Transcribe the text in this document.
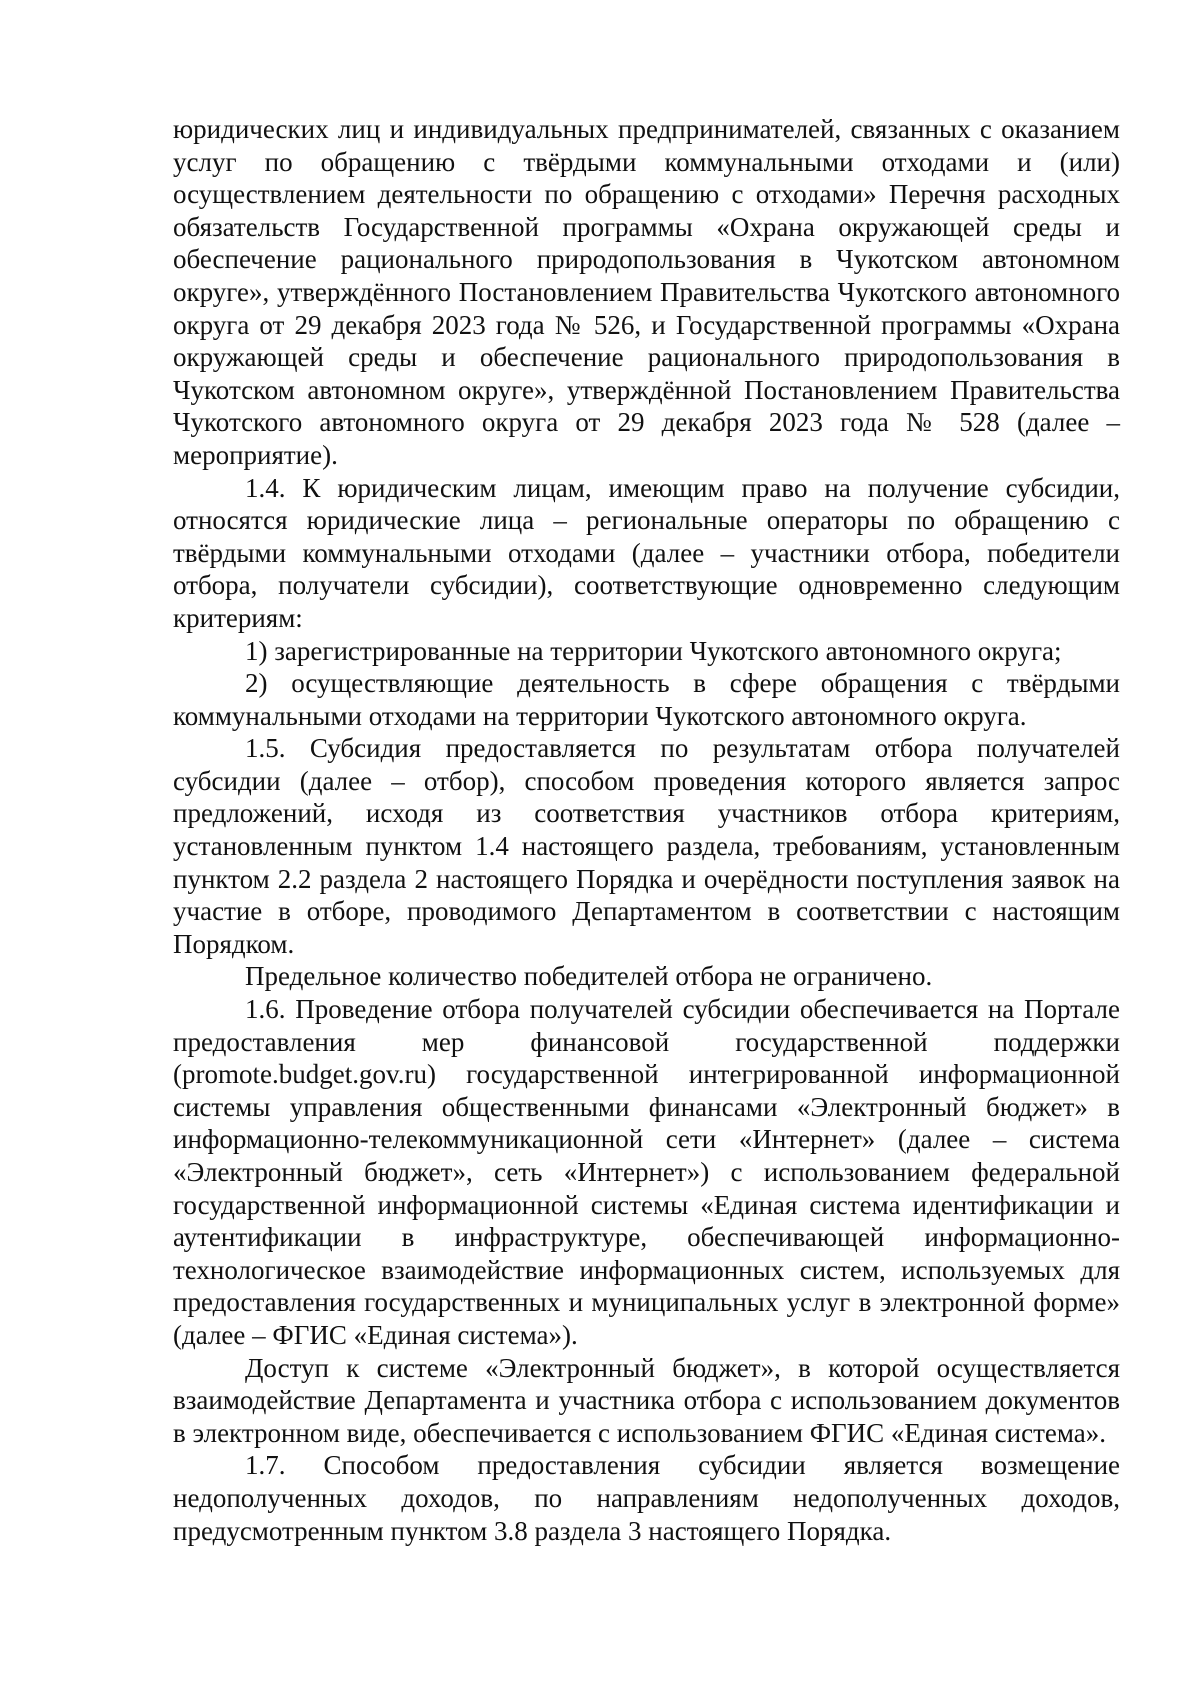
юридических лиц и индивидуальных предпринимателей, связанных с оказанием услуг по обращению с твёрдыми коммунальными отходами и (или) осуществлением деятельности по обращению с отходами» Перечня расходных обязательств Государственной программы «Охрана окружающей среды и обеспечение рационального природопользования в Чукотском автономном округе», утверждённого Постановлением Правительства Чукотского автономного округа от 29 декабря 2023 года № 526, и Государственной программы «Охрана окружающей среды и обеспечение рационального природопользования в Чукотском автономном округе», утверждённой Постановлением Правительства Чукотского автономного округа от 29 декабря 2023 года № 528 (далее – мероприятие).

1.4. К юридическим лицам, имеющим право на получение субсидии, относятся юридические лица – региональные операторы по обращению с твёрдыми коммунальными отходами (далее – участники отбора, победители отбора, получатели субсидии), соответствующие одновременно следующим критериям:

1) зарегистрированные на территории Чукотского автономного округа;

2) осуществляющие деятельность в сфере обращения с твёрдыми коммунальными отходами на территории Чукотского автономного округа.

1.5. Субсидия предоставляется по результатам отбора получателей субсидии (далее – отбор), способом проведения которого является запрос предложений, исходя из соответствия участников отбора критериям, установленным пунктом 1.4 настоящего раздела, требованиям, установленным пунктом 2.2 раздела 2 настоящего Порядка и очерёдности поступления заявок на участие в отборе, проводимого Департаментом в соответствии с настоящим Порядком.

Предельное количество победителей отбора не ограничено.

1.6. Проведение отбора получателей субсидии обеспечивается на Портале предоставления мер финансовой государственной поддержки (promote.budget.gov.ru) государственной интегрированной информационной системы управления общественными финансами «Электронный бюджет» в информационно-телекоммуникационной сети «Интернет» (далее – система «Электронный бюджет», сеть «Интернет») с использованием федеральной государственной информационной системы «Единая система идентификации и аутентификации в инфраструктуре, обеспечивающей информационно-технологическое взаимодействие информационных систем, используемых для предоставления государственных и муниципальных услуг в электронной форме» (далее – ФГИС «Единая система»).

Доступ к системе «Электронный бюджет», в которой осуществляется взаимодействие Департамента и участника отбора с использованием документов в электронном виде, обеспечивается с использованием ФГИС «Единая система».

1.7. Способом предоставления субсидии является возмещение недополученных доходов, по направлениям недополученных доходов, предусмотренным пунктом 3.8 раздела 3 настоящего Порядка.
